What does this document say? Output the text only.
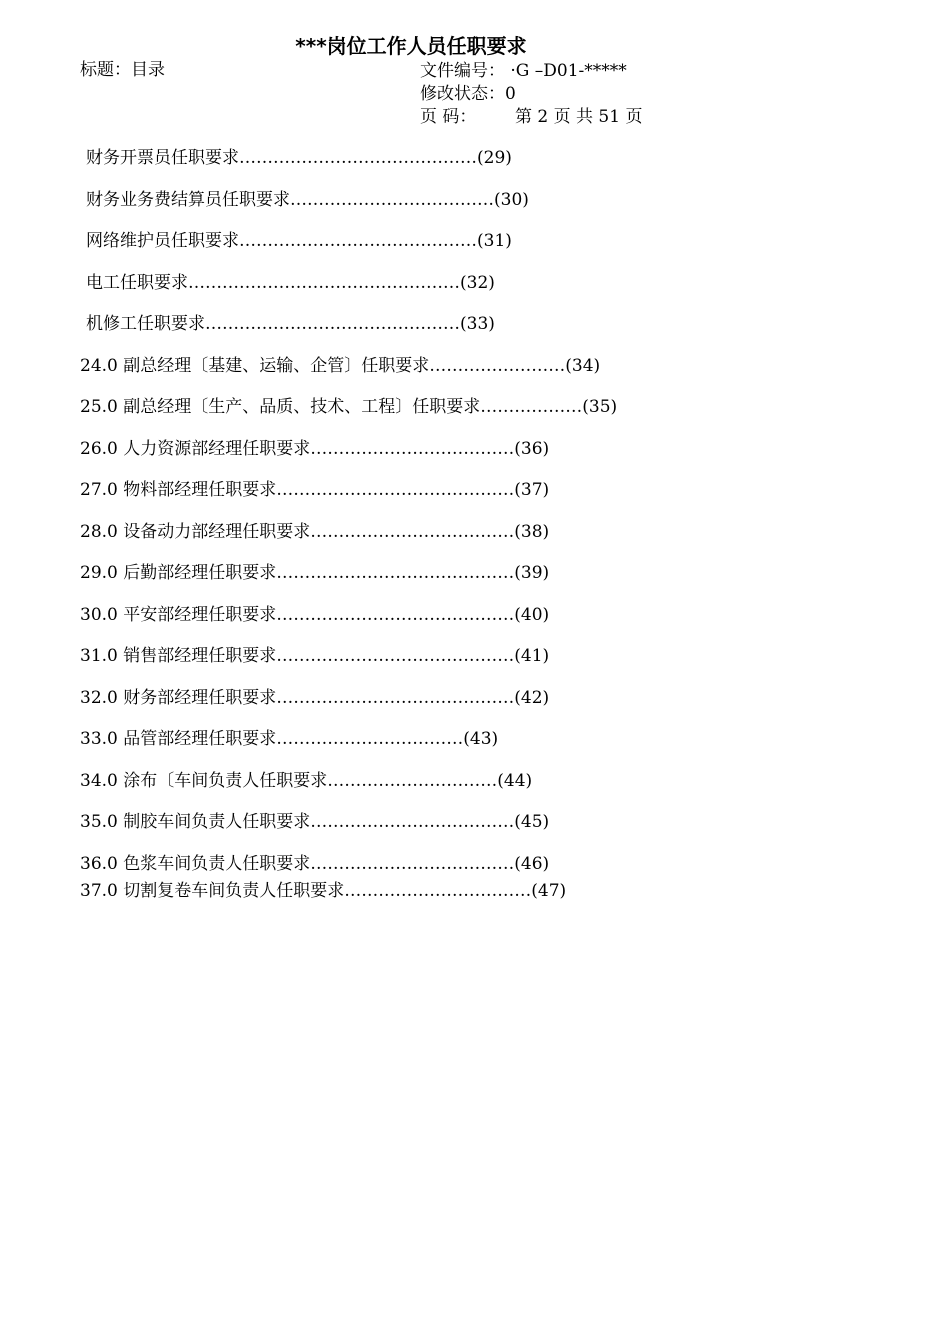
***岗位工作人员任职要求
标题：目录	文件编号： ·G –D01-*****
修改状态：0
页 码： 第 2 页 共 51 页
财务开票员任职要求……………………………………(29)
财务业务费结算员任职要求………………………………(30)
网络维护员任职要求……………………………………(31)
电工任职要求…………………………………………(32)
机修工任职要求………………………………………(33)
24.0 副总经理〔基建、运输、企管〕任职要求……………………(34)
25.0 副总经理〔生产、品质、技术、工程〕任职要求………………(35)
26.0 人力资源部经理任职要求………………………………(36)
27.0 物料部经理任职要求……………………………………(37)
28.0 设备动力部经理任职要求………………………………(38)
29.0 后勤部经理任职要求……………………………………(39)
30.0 平安部经理任职要求……………………………………(40)
31.0 销售部经理任职要求……………………………………(41)
32.0 财务部经理任职要求……………………………………(42)
33.0 品管部经理任职要求……………………………(43)
34.0 涂布〔车间负责人任职要求…………………………(44)
35.0 制胶车间负责人任职要求………………………………(45)
36.0 色浆车间负责人任职要求………………………………(46)
37.0 切割复卷车间负责人任职要求……………………………(47)
